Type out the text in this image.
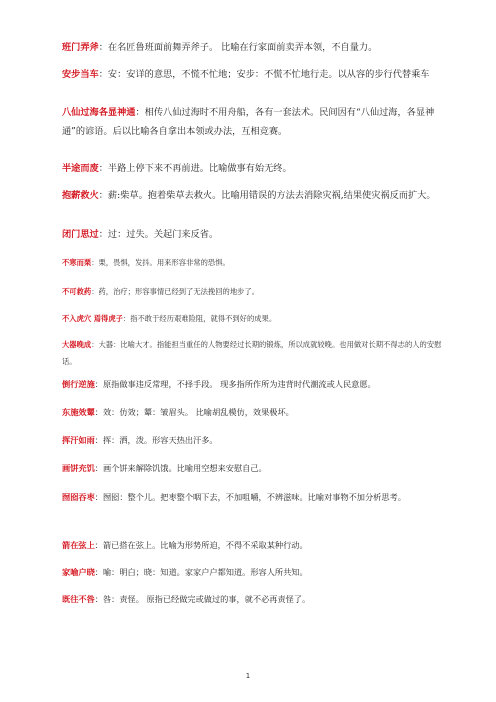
班门弄斧：在名匠鲁班面前舞弄斧子。 比喻在行家面前卖弄本领，不自量力。

安步当车：安：安详的意思，不慌不忙地；安步：不慌不忙地行走。以从容的步行代替乘车

八仙过海各显神通：相传八仙过海时不用舟船，各有一套法术。民间因有“八仙过海，各显神通”的谚语。后以比喻各自拿出本领或办法，互相竞赛。

半途而废：半路上停下来不再前进。比喻做事有始无终。

抱薪救火：薪:柴草。抱着柴草去救火。比喻用错误的方法去消除灾祸,结果使灾祸反而扩大。

闭门思过：过：过失。关起门来反省。

不寒而栗：栗，畏惧，发抖。用来形容非常的恐惧。

不可救药：药，治疗；形容事情已经到了无法挽回的地步了。

不入虎穴 焉得虎子：指不敢于经历艰难险阻，就得不到好的成果。

大器晚成：大器：比喻大才。指能担当重任的人物要经过长期的锻炼，所以成就较晚。也用做对长期不得志的人的安慰话。

倒行逆施：原指做事违反常理，不择手段。 现多指所作所为违背时代潮流或人民意愿。

东施效颦：效：仿效；颦：皱眉头。 比喻胡乱模仿，效果极坏。

挥汗如雨：挥：洒，泼。形容天热出汗多。

画饼充饥：画个饼来解除饥饿。比喻用空想来安慰自己。

囫囵吞枣：囫囵：整个儿。把枣整个咽下去，不加咀嚼，不辨滋味。比喻对事物不加分析思考。

箭在弦上：箭已搭在弦上。比喻为形势所迫，不得不采取某种行动。

家喻户晓：喻：明白；晓：知道。家家户户都知道。形容人所共知。

既往不咎：咎：责怪。 原指已经做完或做过的事，就不必再责怪了。

1
